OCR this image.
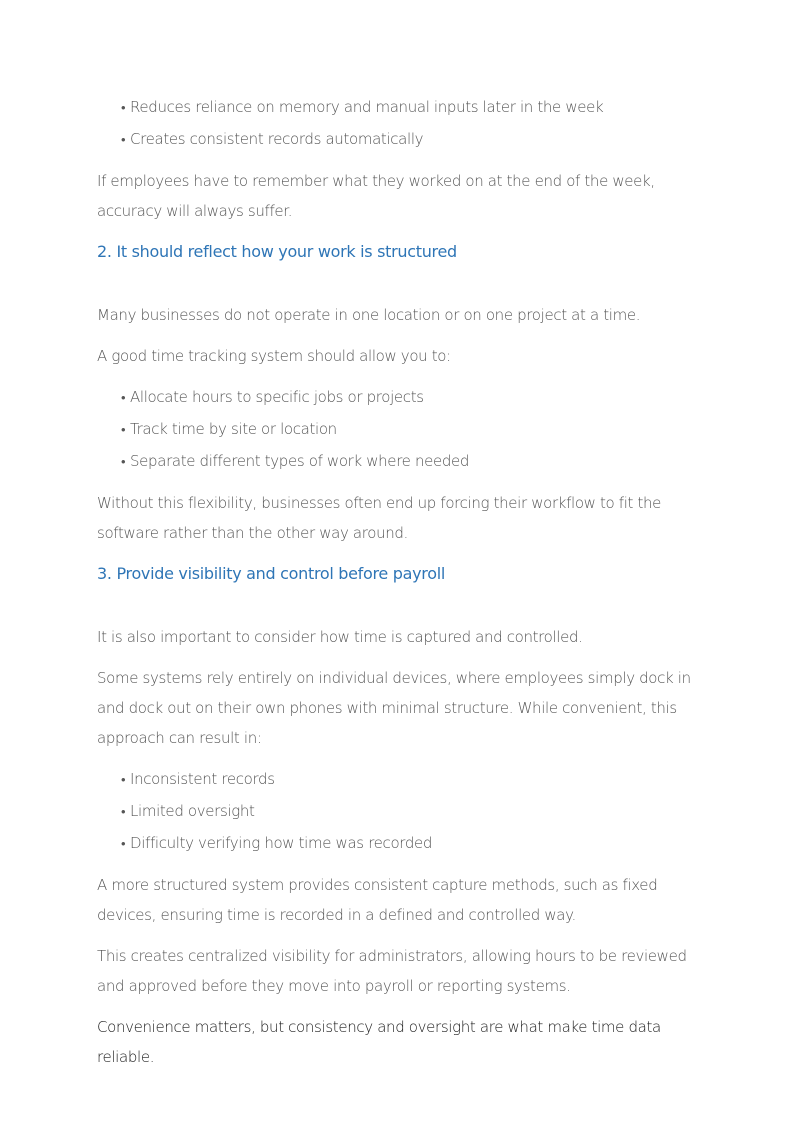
• Reduces reliance on memory and manual inputs later in the week
• Creates consistent records automatically

If employees have to remember what they worked on at the end of the week, accuracy will always suffer.

2. It should reflect how your work is structured

Many businesses do not operate in one location or on one project at a time.

A good time tracking system should allow you to:

• Allocate hours to specific jobs or projects
• Track time by site or location
• Separate different types of work where needed

Without this flexibility, businesses often end up forcing their workflow to fit the software rather than the other way around.

3. Provide visibility and control before payroll

It is also important to consider how time is captured and controlled.

Some systems rely entirely on individual devices, where employees simply dock in and dock out on their own phones with minimal structure. While convenient, this approach can result in:

• Inconsistent records
• Limited oversight
• Difficulty verifying how time was recorded

A more structured system provides consistent capture methods, such as fixed devices, ensuring time is recorded in a defined and controlled way.

This creates centralized visibility for administrators, allowing hours to be reviewed and approved before they move into payroll or reporting systems.

Convenience matters, but consistency and oversight are what make time data reliable.
